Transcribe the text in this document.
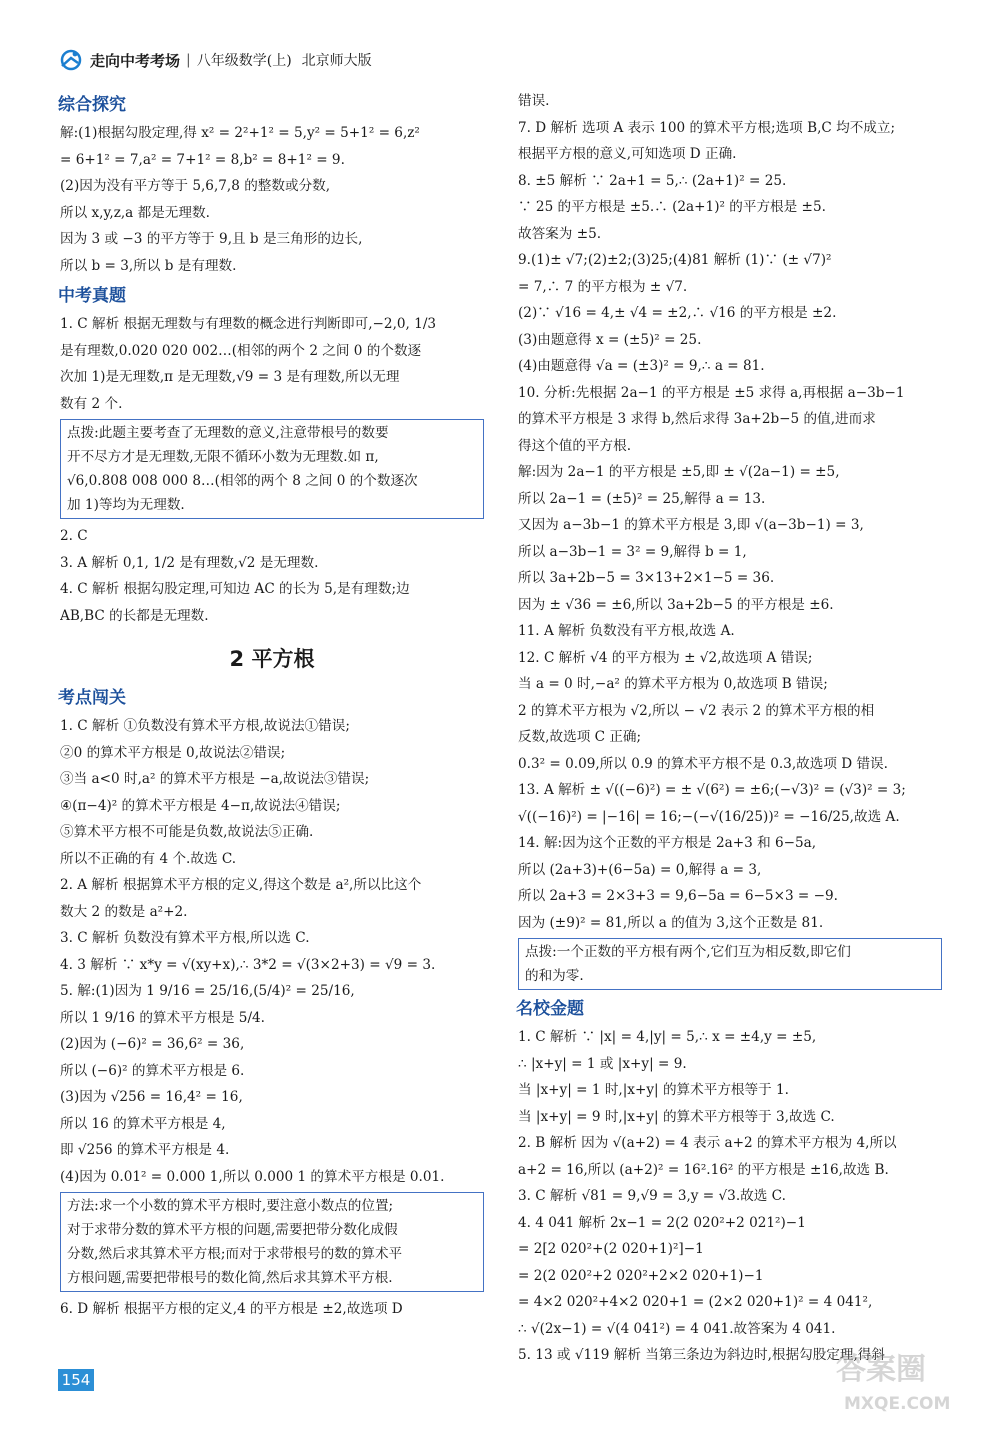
走向中考考场 | 八年级数学(上) 北京师大版
综合探究
解:(1)根据勾股定理,得 x² = 2²+1² = 5,y² = 5+1² = 6,z²
= 6+1² = 7,a² = 7+1² = 8,b² = 8+1² = 9.
(2)因为没有平方等于 5,6,7,8 的整数或分数,
所以 x,y,z,a 都是无理数.
因为 3 或 −3 的平方等于 9,且 b 是三角形的边长,
所以 b = 3,所以 b 是有理数.
中考真题
1. C 解析 根据无理数与有理数的概念进行判断即可,−2,0, 1/3
是有理数,0.020 020 002…(相邻的两个 2 之间 0 的个数逐
次加 1)是无理数,π 是无理数,√9 = 3 是有理数,所以无理
数有 2 个.
点拨:此题主要考查了无理数的意义,注意带根号的数要
开不尽方才是无理数,无限不循环小数为无理数.如 π,
√6,0.808 008 000 8…(相邻的两个 8 之间 0 的个数逐次
加 1)等均为无理数.
2. C
3. A 解析 0,1, 1/2 是有理数,√2 是无理数.
4. C 解析 根据勾股定理,可知边 AC 的长为 5,是有理数;边
AB,BC 的长都是无理数.
2 平方根
考点闯关
1. C 解析 ①负数没有算术平方根,故说法①错误;
②0 的算术平方根是 0,故说法②错误;
③当 a<0 时,a² 的算术平方根是 −a,故说法③错误;
④(π−4)² 的算术平方根是 4−π,故说法④错误;
⑤算术平方根不可能是负数,故说法⑤正确.
所以不正确的有 4 个.故选 C.
2. A 解析 根据算术平方根的定义,得这个数是 a²,所以比这个
数大 2 的数是 a²+2.
3. C 解析 负数没有算术平方根,所以选 C.
4. 3 解析 ∵ x*y = √(xy+x),∴ 3*2 = √(3×2+3) = √9 = 3.
5. 解:(1)因为 1 9/16 = 25/16,(5/4)² = 25/16,
所以 1 9/16 的算术平方根是 5/4.
(2)因为 (−6)² = 36,6² = 36,
所以 (−6)² 的算术平方根是 6.
(3)因为 √256 = 16,4² = 16,
所以 16 的算术平方根是 4,
即 √256 的算术平方根是 4.
(4)因为 0.01² = 0.000 1,所以 0.000 1 的算术平方根是 0.01.
方法:求一个小数的算术平方根时,要注意小数点的位置;
对于求带分数的算术平方根的问题,需要把带分数化成假
分数,然后求其算术平方根;而对于求带根号的数的算术平
方根问题,需要把带根号的数化简,然后求其算术平方根.
6. D 解析 根据平方根的定义,4 的平方根是 ±2,故选项 D
错误.
7. D 解析 选项 A 表示 100 的算术平方根;选项 B,C 均不成立;
根据平方根的意义,可知选项 D 正确.
8. ±5 解析 ∵ 2a+1 = 5,∴ (2a+1)² = 25.
∵ 25 的平方根是 ±5.∴ (2a+1)² 的平方根是 ±5.
故答案为 ±5.
9.(1)± √7;(2)±2;(3)25;(4)81 解析 (1)∵ (± √7)²
= 7,∴ 7 的平方根为 ± √7.
(2)∵ √16 = 4,± √4 = ±2,∴ √16 的平方根是 ±2.
(3)由题意得 x = (±5)² = 25.
(4)由题意得 √a = (±3)² = 9,∴ a = 81.
10. 分析:先根据 2a−1 的平方根是 ±5 求得 a,再根据 a−3b−1
的算术平方根是 3 求得 b,然后求得 3a+2b−5 的值,进而求
得这个值的平方根.
解:因为 2a−1 的平方根是 ±5,即 ± √(2a−1) = ±5,
所以 2a−1 = (±5)² = 25,解得 a = 13.
又因为 a−3b−1 的算术平方根是 3,即 √(a−3b−1) = 3,
所以 a−3b−1 = 3² = 9,解得 b = 1,
所以 3a+2b−5 = 3×13+2×1−5 = 36.
因为 ± √36 = ±6,所以 3a+2b−5 的平方根是 ±6.
11. A 解析 负数没有平方根,故选 A.
12. C 解析 √4 的平方根为 ± √2,故选项 A 错误;
当 a = 0 时,−a² 的算术平方根为 0,故选项 B 错误;
2 的算术平方根为 √2,所以 − √2 表示 2 的算术平方根的相
反数,故选项 C 正确;
0.3² = 0.09,所以 0.9 的算术平方根不是 0.3,故选项 D 错误.
13. A 解析 ± √((−6)²) = ± √(6²) = ±6;(−√3)² = (√3)² = 3;
√((−16)²) = |−16| = 16;−(−√(16/25))² = −16/25,故选 A.
14. 解:因为这个正数的平方根是 2a+3 和 6−5a,
所以 (2a+3)+(6−5a) = 0,解得 a = 3,
所以 2a+3 = 2×3+3 = 9,6−5a = 6−5×3 = −9.
因为 (±9)² = 81,所以 a 的值为 3,这个正数是 81.
点拨:一个正数的平方根有两个,它们互为相反数,即它们
的和为零.
名校金题
1. C 解析 ∵ |x| = 4,|y| = 5,∴ x = ±4,y = ±5,
∴ |x+y| = 1 或 |x+y| = 9.
当 |x+y| = 1 时,|x+y| 的算术平方根等于 1.
当 |x+y| = 9 时,|x+y| 的算术平方根等于 3,故选 C.
2. B 解析 因为 √(a+2) = 4 表示 a+2 的算术平方根为 4,所以
a+2 = 16,所以 (a+2)² = 16².16² 的平方根是 ±16,故选 B.
3. C 解析 √81 = 9,√9 = 3,y = √3.故选 C.
4. 4 041 解析 2x−1 = 2(2 020²+2 021²)−1
= 2[2 020²+(2 020+1)²]−1
= 2(2 020²+2 020²+2×2 020+1)−1
= 4×2 020²+4×2 020+1 = (2×2 020+1)² = 4 041²,
∴ √(2x−1) = √(4 041²) = 4 041.故答案为 4 041.
5. 13 或 √119 解析 当第三条边为斜边时,根据勾股定理,得斜
154	答案圈
MXQE.COM
